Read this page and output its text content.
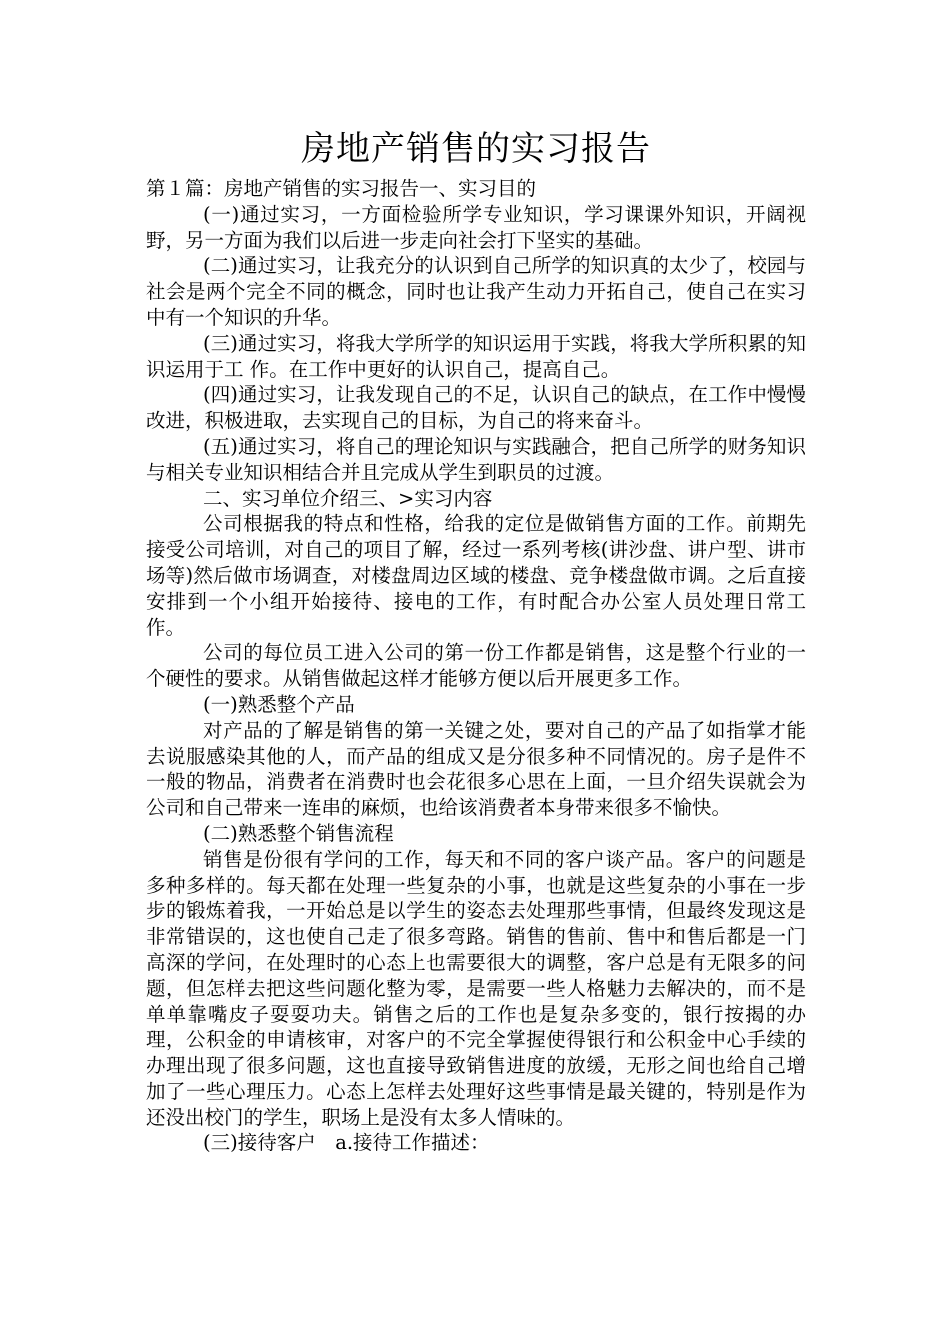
房地产销售的实习报告

第１篇：房地产销售的实习报告一、实习目的

(一)通过实习，一方面检验所学专业知识，学习课课外知识，开阔视野，另一方面为我们以后进一步走向社会打下坚实的基础。

(二)通过实习，让我充分的认识到自己所学的知识真的太少了，校园与社会是两个完全不同的概念，同时也让我产生动力开拓自己，使自己在实习中有一个知识的升华。

(三)通过实习，将我大学所学的知识运用于实践，将我大学所积累的知识运用于工 作。在工作中更好的认识自己，提高自己。

(四)通过实习，让我发现自己的不足，认识自己的缺点，在工作中慢慢改进，积极进取，去实现自己的目标，为自己的将来奋斗。

(五)通过实习，将自己的理论知识与实践融合，把自己所学的财务知识与相关专业知识相结合并且完成从学生到职员的过渡。

二、实习单位介绍三、>实习内容

公司根据我的特点和性格，给我的定位是做销售方面的工作。前期先接受公司培训，对自己的项目了解，经过一系列考核(讲沙盘、讲户型、讲市场等)然后做市场调查，对楼盘周边区域的楼盘、竞争楼盘做市调。之后直接安排到一个小组开始接待、接电的工作，有时配合办公室人员处理日常工作。

公司的每位员工进入公司的第一份工作都是销售，这是整个行业的一个硬性的要求。从销售做起这样才能够方便以后开展更多工作。

(一)熟悉整个产品

对产品的了解是销售的第一关键之处，要对自己的产品了如指掌才能去说服感染其他的人，而产品的组成又是分很多种不同情况的。房子是件不一般的物品，消费者在消费时也会花很多心思在上面，一旦介绍失误就会为公司和自己带来一连串的麻烦，也给该消费者本身带来很多不愉快。

(二)熟悉整个销售流程

销售是份很有学问的工作，每天和不同的客户谈产品。客户的问题是多种多样的。每天都在处理一些复杂的小事，也就是这些复杂的小事在一步步的锻炼着我，一开始总是以学生的姿态去处理那些事情，但最终发现这是非常错误的，这也使自己走了很多弯路。销售的售前、售中和售后都是一门高深的学问，在处理时的心态上也需要很大的调整，客户总是有无限多的问题，但怎样去把这些问题化整为零，是需要一些人格魅力去解决的，而不是单单靠嘴皮子耍耍功夫。销售之后的工作也是复杂多变的，银行按揭的办理，公积金的申请核审，对客户的不完全掌握使得银行和公积金中心手续的办理出现了很多问题，这也直接导致销售进度的放缓，无形之间也给自己增加了一些心理压力。心态上怎样去处理好这些事情是最关键的，特别是作为还没出校门的学生，职场上是没有太多人情味的。

(三)接待客户　a.接待工作描述：
